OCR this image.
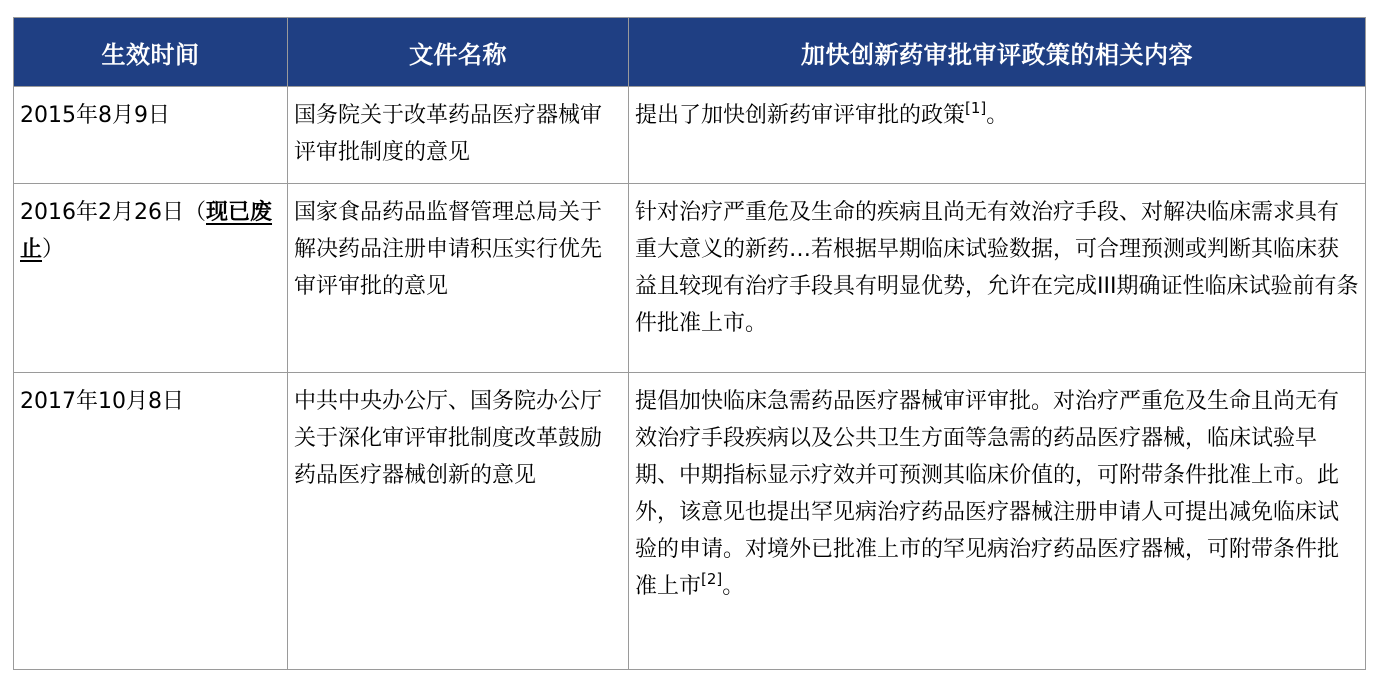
生效时间	文件名称	加快创新药审批审评政策的相关内容
2015年8月9日	国务院关于改革药品医疗器械审评审批制度的意见	提出了加快创新药审评审批的政策[1]。
2016年2月26日（现已废止）	国家食品药品监督管理总局关于解决药品注册申请积压实行优先审评审批的意见	针对治疗严重危及生命的疾病且尚无有效治疗手段、对解决临床需求具有重大意义的新药…若根据早期临床试验数据，可合理预测或判断其临床获益且较现有治疗手段具有明显优势，允许在完成III期确证性临床试验前有条件批准上市。
2017年10月8日	中共中央办公厅、国务院办公厅关于深化审评审批制度改革鼓励药品医疗器械创新的意见	提倡加快临床急需药品医疗器械审评审批。对治疗严重危及生命且尚无有效治疗手段疾病以及公共卫生方面等急需的药品医疗器械，临床试验早期、中期指标显示疗效并可预测其临床价值的，可附带条件批准上市。此外，该意见也提出罕见病治疗药品医疗器械注册申请人可提出减免临床试验的申请。对境外已批准上市的罕见病治疗药品医疗器械，可附带条件批准上市[2]。
